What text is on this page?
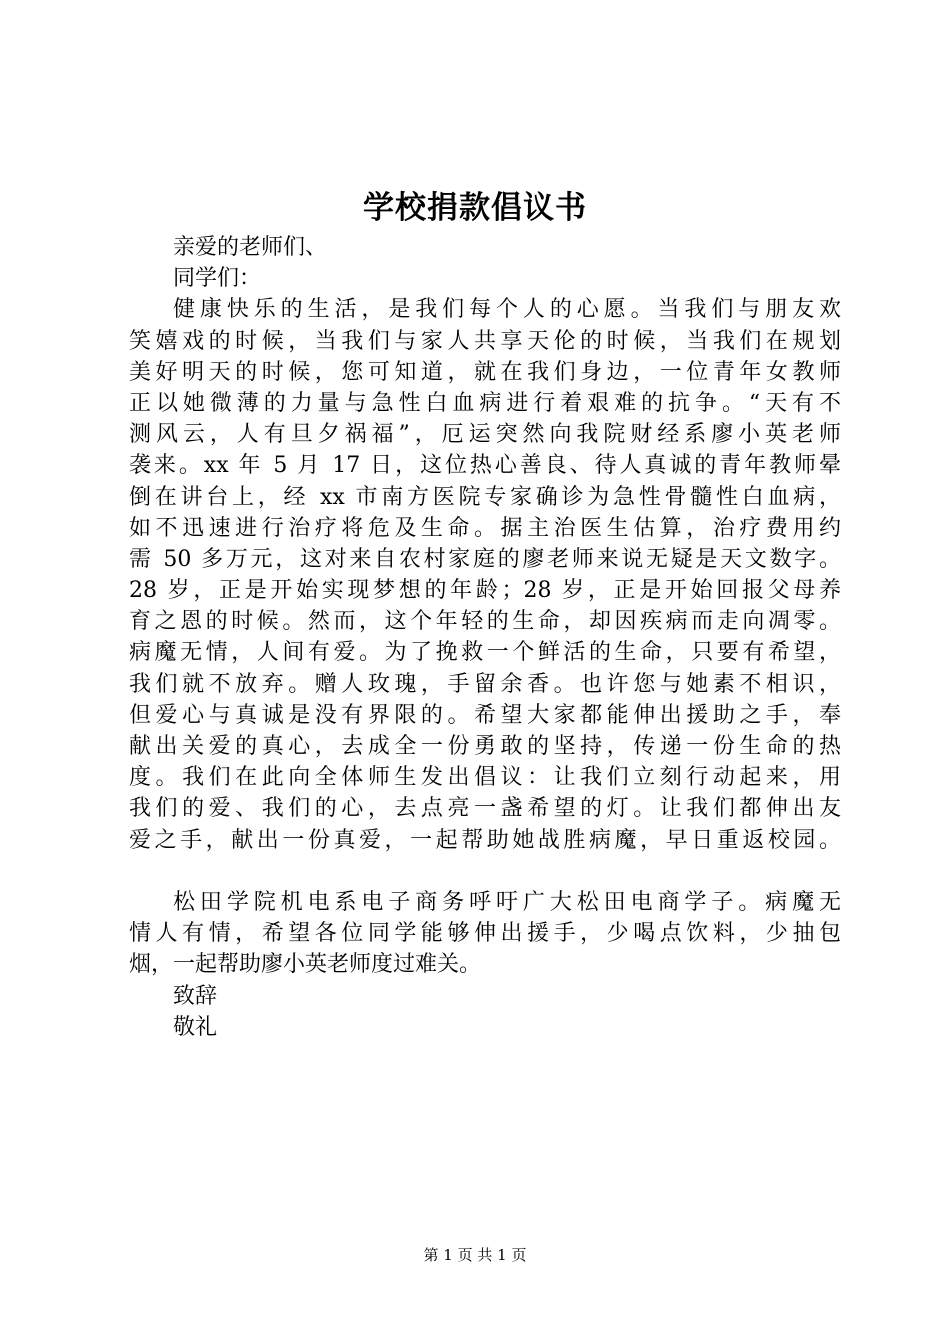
学校捐款倡议书
亲爱的老师们、
同学们：
健康快乐的生活，是我们每个人的心愿。当我们与朋友欢
笑嬉戏的时候，当我们与家人共享天伦的时候，当我们在规划
美好明天的时候，您可知道，就在我们身边，一位青年女教师
正以她微薄的力量与急性白血病进行着艰难的抗争。“天有不
测风云，人有旦夕祸福”，厄运突然向我院财经系廖小英老师
袭来。xx 年 5 月 17 日，这位热心善良、待人真诚的青年教师晕
倒在讲台上，经 xx 市南方医院专家确诊为急性骨髓性白血病，
如不迅速进行治疗将危及生命。据主治医生估算，治疗费用约
需 50 多万元，这对来自农村家庭的廖老师来说无疑是天文数字。
28 岁，正是开始实现梦想的年龄；28 岁，正是开始回报父母养
育之恩的时候。然而，这个年轻的生命，却因疾病而走向凋零。
病魔无情，人间有爱。为了挽救一个鲜活的生命，只要有希望，
我们就不放弃。赠人玫瑰，手留余香。也许您与她素不相识，
但爱心与真诚是没有界限的。希望大家都能伸出援助之手，奉
献出关爱的真心，去成全一份勇敢的坚持，传递一份生命的热
度。我们在此向全体师生发出倡议：让我们立刻行动起来，用
我们的爱、我们的心，去点亮一盏希望的灯。让我们都伸出友
爱之手，献出一份真爱，一起帮助她战胜病魔，早日重返校园。
松田学院机电系电子商务呼吁广大松田电商学子。病魔无
情人有情，希望各位同学能够伸出援手，少喝点饮料，少抽包
烟，一起帮助廖小英老师度过难关。
致辞
敬礼
第 1 页 共 1 页
